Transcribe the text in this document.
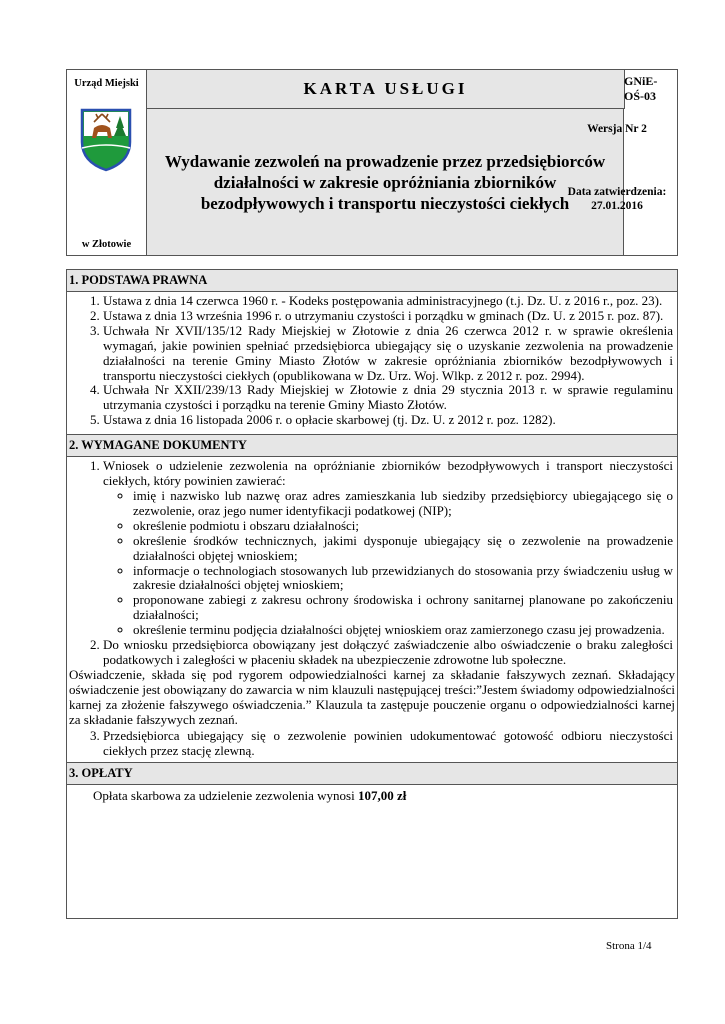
Urząd Miejski
w Złotowie
KARTA USŁUGI
Wydawanie zezwoleń na prowadzenie przez przedsiębiorców działalności w zakresie opróżniania zbiorników bezodpływowych i transportu nieczystości ciekłych
GNiE-OŚ-03
Wersja Nr 2
Data zatwierdzenia:
27.01.2016
1. PODSTAWA PRAWNA
1. Ustawa z dnia 14 czerwca 1960 r. - Kodeks postępowania administracyjnego (t.j. Dz. U. z 2016 r., poz. 23).
2. Ustawa z dnia 13 września 1996 r. o utrzymaniu czystości i porządku w gminach (Dz. U. z 2015 r. poz. 87).
3. Uchwała Nr XVII/135/12 Rady Miejskiej w Złotowie z dnia 26 czerwca 2012 r. w sprawie określenia wymagań, jakie powinien spełniać przedsiębiorca ubiegający się o uzyskanie zezwolenia na prowadzenie działalności na terenie Gminy Miasto Złotów w zakresie opróżniania zbiorników bezodpływowych i transportu nieczystości ciekłych (opublikowana w Dz. Urz. Woj. Wlkp. z 2012 r. poz. 2994).
4. Uchwała Nr XXII/239/13 Rady Miejskiej w Złotowie z dnia 29 stycznia 2013 r. w sprawie regulaminu utrzymania czystości i porządku na terenie Gminy Miasto Złotów.
5. Ustawa z dnia 16 listopada 2006 r. o opłacie skarbowej (tj. Dz. U. z 2012 r. poz. 1282).
2. WYMAGANE DOKUMENTY
1. Wniosek o udzielenie zezwolenia na opróżnianie zbiorników bezodpływowych i transport nieczystości ciekłych, który powinien zawierać:
◦ imię i nazwisko lub nazwę oraz adres zamieszkania lub siedziby przedsiębiorcy ubiegającego się o zezwolenie, oraz jego numer identyfikacji podatkowej (NIP);
◦ określenie podmiotu i obszaru działalności;
◦ określenie środków technicznych, jakimi dysponuje ubiegający się o zezwolenie na prowadzenie działalności objętej wnioskiem;
◦ informacje o technologiach stosowanych lub przewidzianych do stosowania przy świadczeniu usług w zakresie działalności objętej wnioskiem;
◦ proponowane zabiegi z zakresu ochrony środowiska i ochrony sanitarnej planowane po zakończeniu działalności;
◦ określenie terminu podjęcia działalności objętej wnioskiem oraz zamierzonego czasu jej prowadzenia.
2. Do wniosku przedsiębiorca obowiązany jest dołączyć zaświadczenie albo oświadczenie o braku zaległości podatkowych i zaległości w płaceniu składek na ubezpieczenie zdrowotne lub społeczne.
Oświadczenie, składa się pod rygorem odpowiedzialności karnej za składanie fałszywych zeznań. Składający oświadczenie jest obowiązany do zawarcia w nim klauzuli następującej treści:”Jestem świadomy odpowiedzialności karnej za złożenie fałszywego oświadczenia.” Klauzula ta zastępuje pouczenie organu o odpowiedzialności karnej za składanie fałszywych zeznań.
3. Przedsiębiorca ubiegający się o zezwolenie powinien udokumentować gotowość odbioru nieczystości ciekłych przez stację zlewną.
3. OPŁATY
Opłata skarbowa za udzielenie zezwolenia wynosi 107,00 zł
Strona 1/4
